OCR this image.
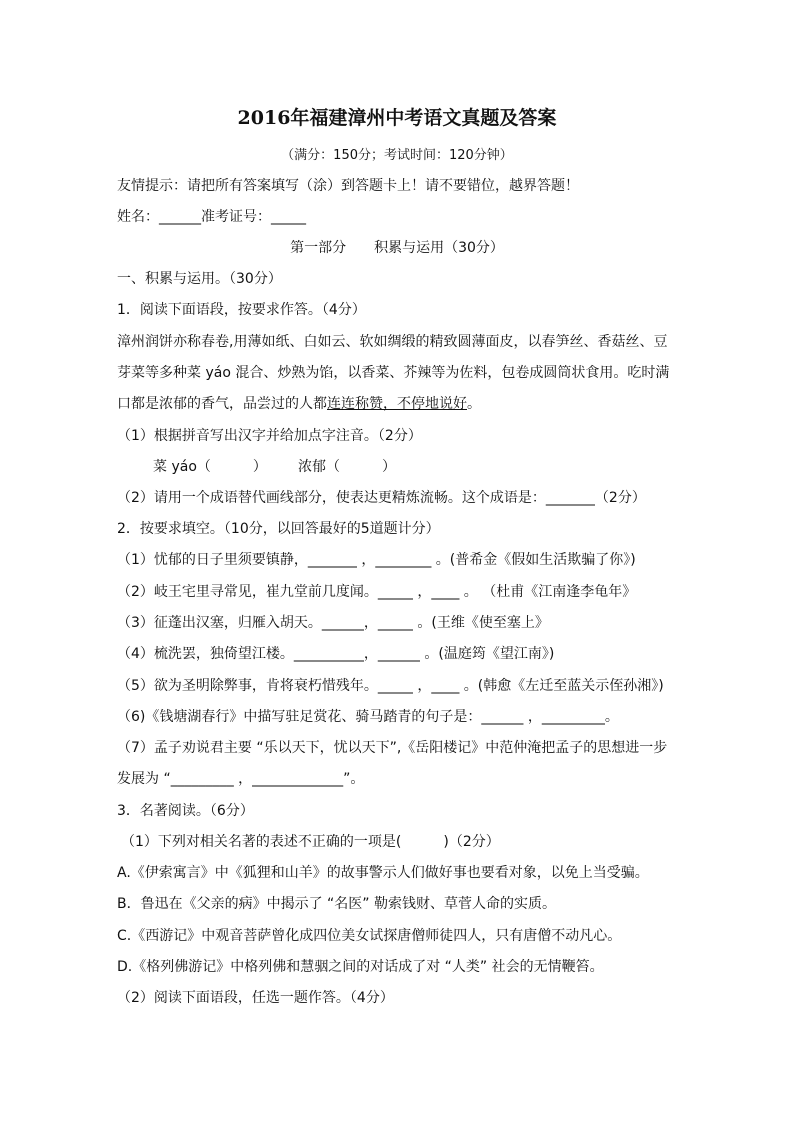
2016年福建漳州中考语文真题及答案
（满分：150分；考试时间：120分钟）
友情提示：请把所有答案填写（涂）到答题卡上！请不要错位，越界答题！
姓名：______准考证号：_____
第一部分　　积累与运用（30分）
一、积累与运用。（30分）
1．阅读下面语段，按要求作答。（4分）
漳州润饼亦称春卷,用薄如纸、白如云、软如绸缎的精致圆薄面皮，以春笋丝、香菇丝、豆
芽菜等多种菜 yáo 混合、炒熟为馅，以香菜、芥辣等为佐料，包卷成圆筒状食用。吃时满
口都是浓郁的香气，品尝过的人都连连称赞，不停地说好。
（1）根据拼音写出汉字并给加点字注音。（2分）
菜 yáo（　　　） 浓郁（　　　）
（2）请用一个成语替代画线部分，使表达更精炼流畅。这个成语是：_______（2分）
2．按要求填空。（10分，以回答最好的5道题计分）
（1）忧郁的日子里须要镇静，_______ ，________ 。(普希金《假如生活欺骗了你》)
（2）岐王宅里寻常见，崔九堂前几度闻。_____ ，____ 。 （杜甫《江南逢李龟年》
（3）征蓬出汉塞，归雁入胡天。______，_____ 。(王维《使至塞上》
（4）梳洗罢，独倚望江楼。__________，______ 。(温庭筠《望江南》)
（5）欲为圣明除弊事，肯将衰朽惜残年。_____ ，____ 。(韩愈《左迁至蓝关示侄孙湘》)
（6)《钱塘湖春行》中描写驻足赏花、骑马踏青的句子是：______ ，_________。
（7）孟子劝说君主要 “乐以天下，忧以天下”,《岳阳楼记》中范仲淹把孟子的思想进一步
发展为 “_________ ，_____________”。
3．名著阅读。（6分）
（1）下列对相关名著的表述不正确的一项是(　　　)（2分）
A.《伊索寓言》中《狐狸和山羊》的故事警示人们做好事也要看对象，以免上当受骗。
B．鲁迅在《父亲的病》中揭示了 “名医” 勒索钱财、草菅人命的实质。
C.《西游记》中观音菩萨曾化成四位美女试探唐僧师徒四人，只有唐僧不动凡心。
D.《格列佛游记》中格列佛和慧骃之间的对话成了对 “人类” 社会的无情鞭笞。
（2）阅读下面语段，任选一题作答。（4分）
